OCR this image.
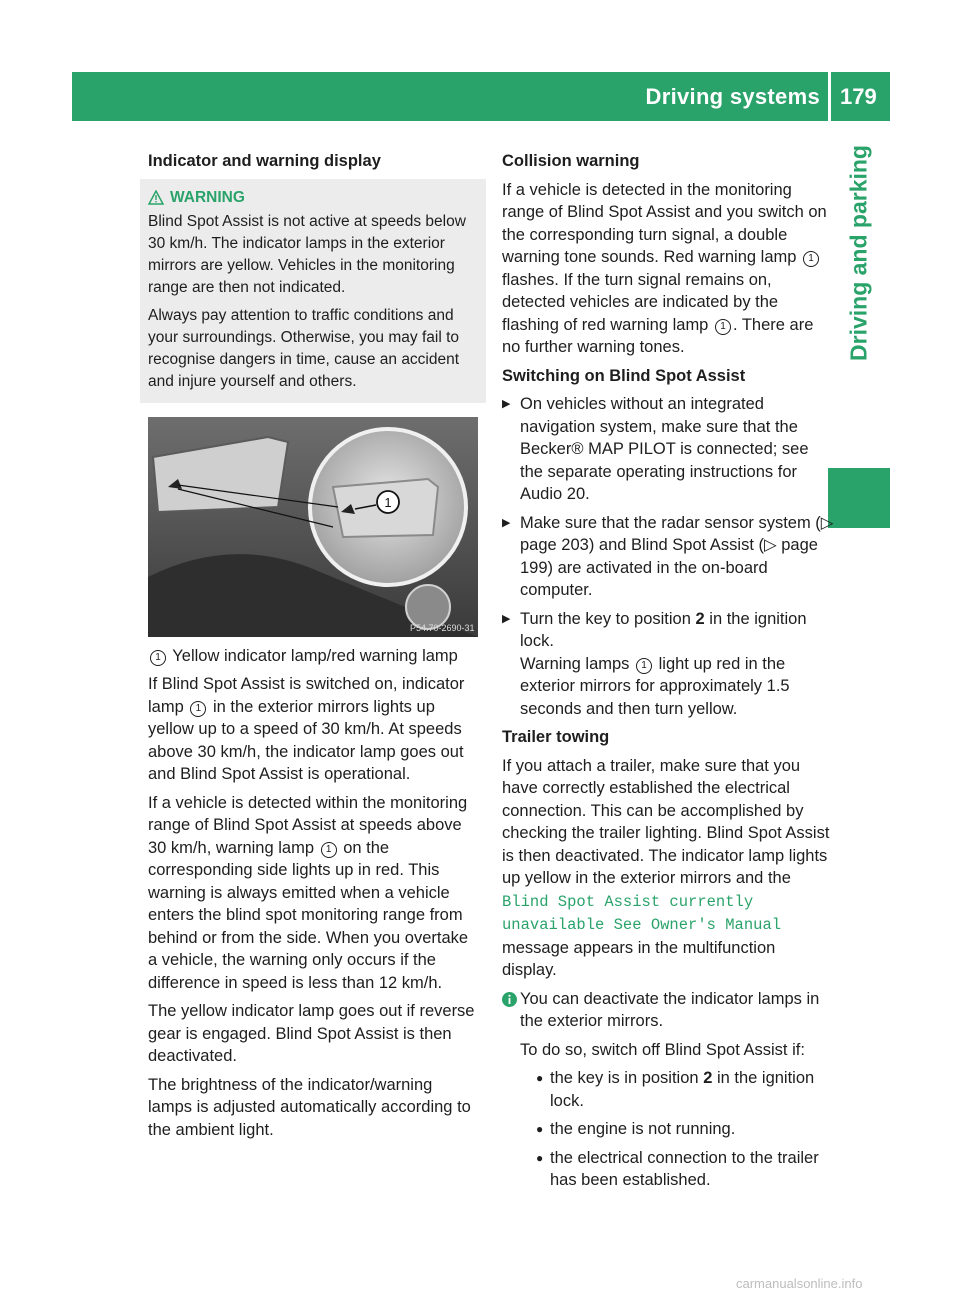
Driving systems 179
Driving and parking
Indicator and warning display
WARNING

Blind Spot Assist is not active at speeds below 30 km/h. The indicator lamps in the exterior mirrors are yellow. Vehicles in the monitoring range are then not indicated.

Always pay attention to traffic conditions and your surroundings. Otherwise, you may fail to recognise dangers in time, cause an accident and injure yourself and others.

1
P54.70-2690-31

1 Yellow indicator lamp/red warning lamp

If Blind Spot Assist is switched on, indicator lamp 1 in the exterior mirrors lights up yellow up to a speed of 30 km/h. At speeds above 30 km/h, the indicator lamp goes out and Blind Spot Assist is operational.

If a vehicle is detected within the monitoring range of Blind Spot Assist at speeds above 30 km/h, warning lamp 1 on the corresponding side lights up in red. This warning is always emitted when a vehicle enters the blind spot monitoring range from behind or from the side. When you overtake a vehicle, the warning only occurs if the difference in speed is less than 12 km/h.

The yellow indicator lamp goes out if reverse gear is engaged. Blind Spot Assist is then deactivated.

The brightness of the indicator/warning lamps is adjusted automatically according to the ambient light.

Collision warning

If a vehicle is detected in the monitoring range of Blind Spot Assist and you switch on the corresponding turn signal, a double warning tone sounds. Red warning lamp 1 flashes. If the turn signal remains on, detected vehicles are indicated by the flashing of red warning lamp 1 . There are no further warning tones.

Switching on Blind Spot Assist
▶ On vehicles without an integrated navigation system, make sure that the Becker® MAP PILOT is connected; see the separate operating instructions for Audio 20.
▶ Make sure that the radar sensor system (▷ page 203) and Blind Spot Assist (▷ page 199) are activated in the on-board computer.
▶ Turn the key to position 2 in the ignition lock.
Warning lamps 1 light up red in the exterior mirrors for approximately 1.5 seconds and then turn yellow.
Trailer towing

If you attach a trailer, make sure that you have correctly established the electrical connection. This can be accomplished by checking the trailer lighting. Blind Spot Assist is then deactivated. The indicator lamp lights up yellow in the exterior mirrors and the Blind Spot Assist currently unavailable See Owner's Manual message appears in the multifunction display.

You can deactivate the indicator lamps in the exterior mirrors.

To do so, switch off Blind Spot Assist if:

● the key is in position 2 in the ignition lock.
● the engine is not running.
● the electrical connection to the trailer has been established.
carmanualsonline.info
